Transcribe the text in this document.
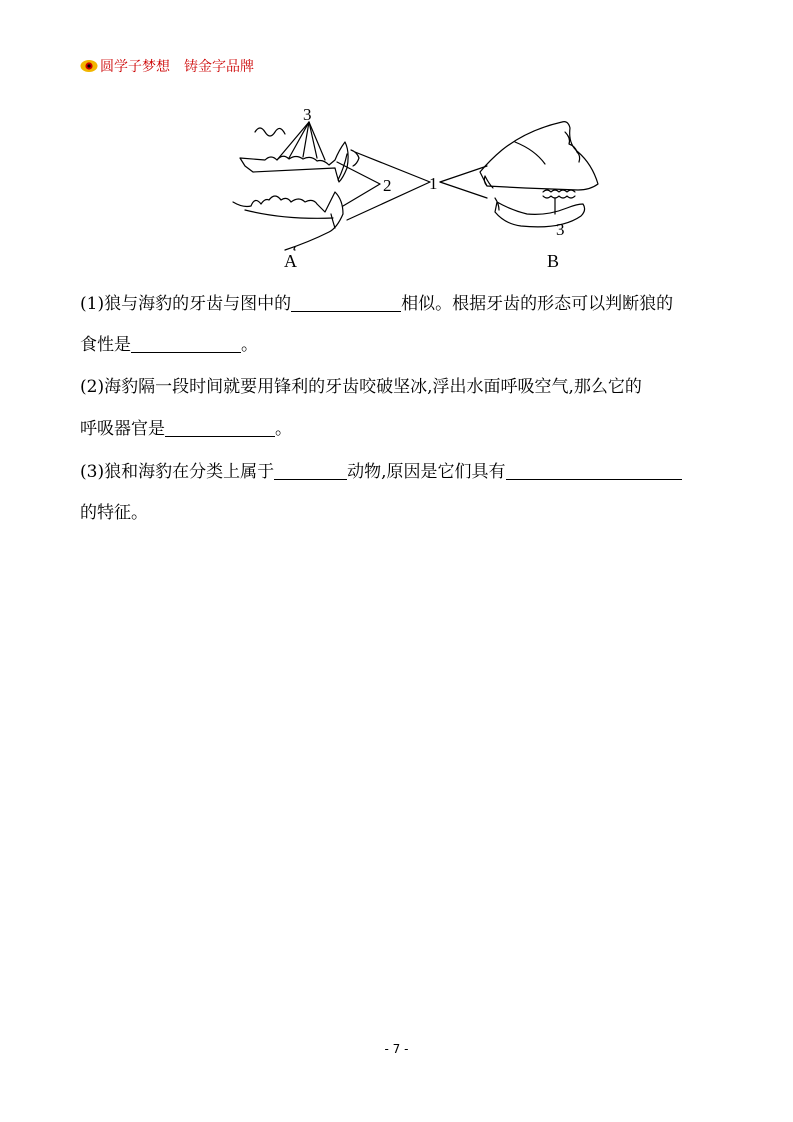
圆学子梦想 铸金字品牌
3
2 1
3
A	B
(1)狼与海豹的牙齿与图中的	相似。根据牙齿的形态可以判断狼的
食性是	。
(2)海豹隔一段时间就要用锋利的牙齿咬破坚冰,浮出水面呼吸空气,那么它的
呼吸器官是	。
(3)狼和海豹在分类上属于	动物,原因是它们具有
的特征。
- 7 -
